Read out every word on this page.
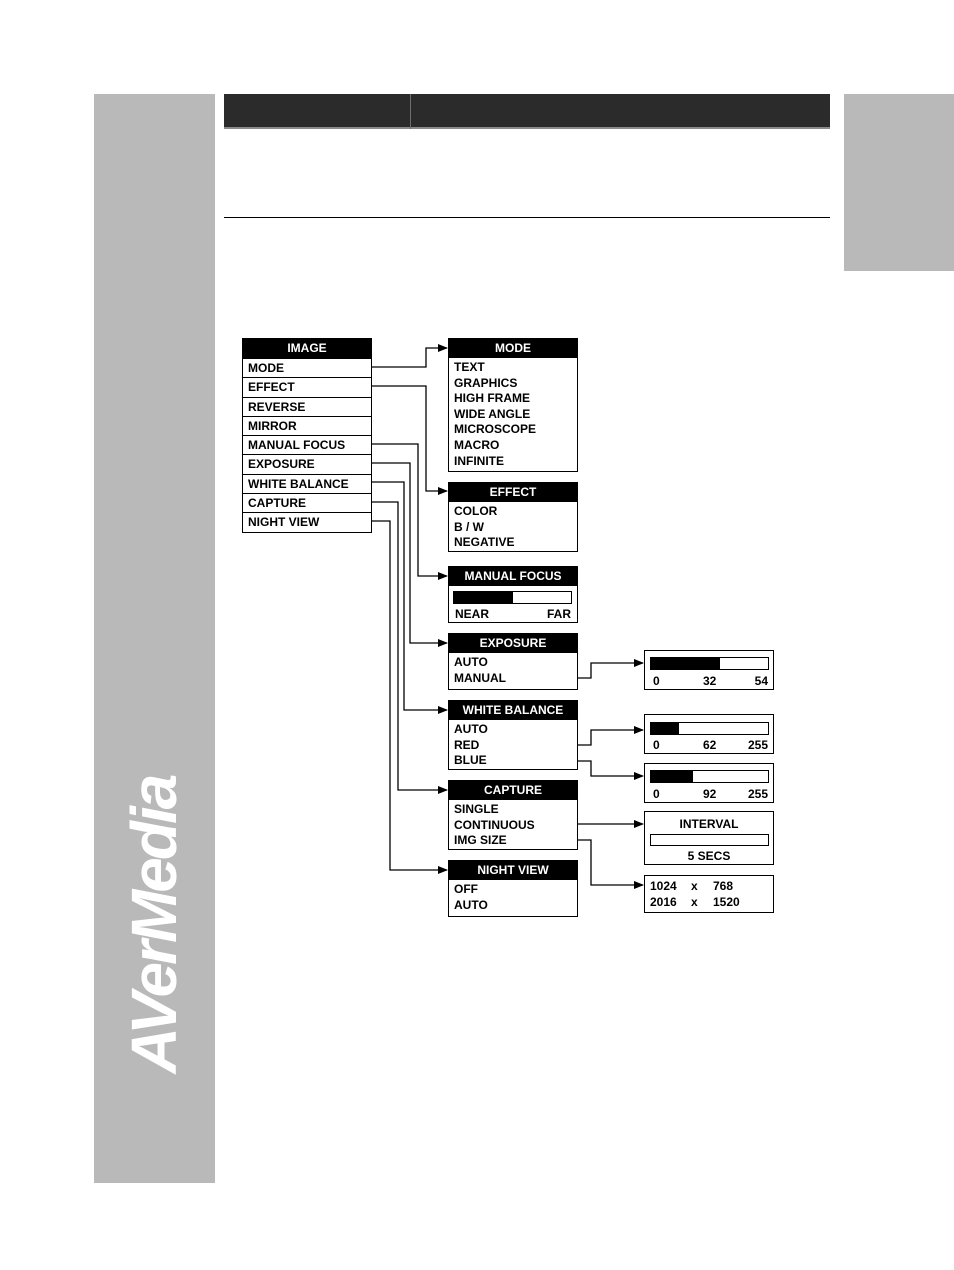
AVerMedia
IMAGE
MODE
EFFECT
REVERSE
MIRROR
MANUAL FOCUS
EXPOSURE
WHITE BALANCE
CAPTURE
NIGHT VIEW
MODE
TEXT
GRAPHICS
HIGH FRAME
WIDE ANGLE
MICROSCOPE
MACRO
INFINITE
EFFECT
COLOR
B / W
NEGATIVE
MANUAL FOCUS
NEAR	FAR
EXPOSURE
AUTO
MANUAL	0	32	54
WHITE BALANCE
AUTO
RED
BLUE
0	62	255
0	92	255
CAPTURE
SINGLE
CONTINUOUS
IMG SIZE
INTERVAL
5 SECS
1024 x 768
2016 x 1520
NIGHT VIEW
OFF
AUTO
